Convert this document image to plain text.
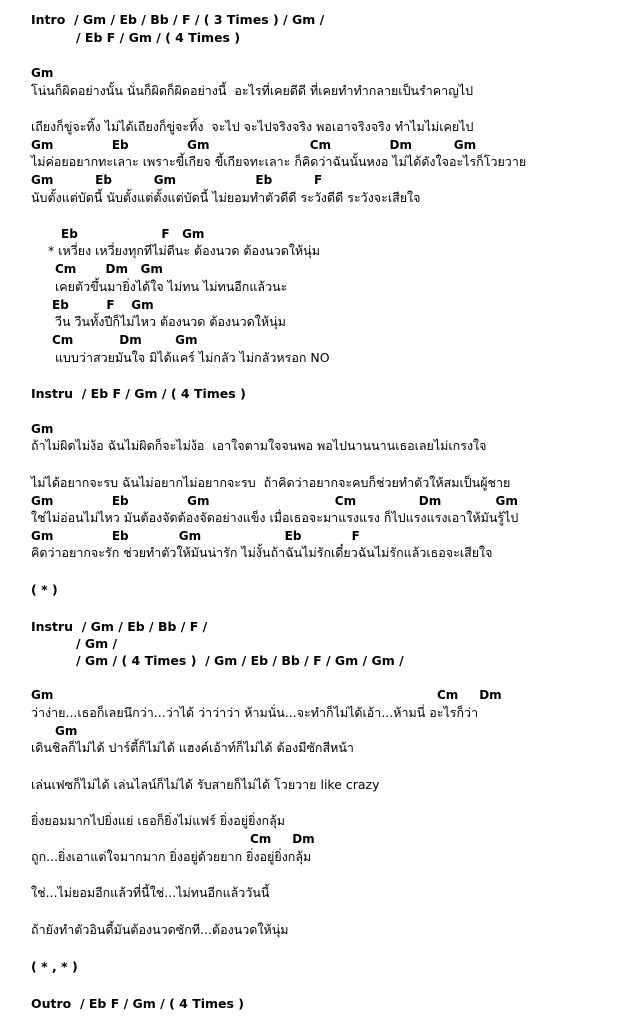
Intro  / Gm / Eb / Bb / F / ( 3 Times ) / Gm /
/ Eb F / Gm / ( 4 Times )
Gm
โน่นก็ผิดอย่างนั้น นั่นก็ผิดก็ผิดอย่างนี้  อะไรที่เคยดีดี ที่เคยทำทำกลายเป็นรำคาญไป
เถียงก็ขู่จะทิ้ง ไม่ได้เถียงก็ขู่จะทิ้ง  จะไป จะไปจริงจริง พอเอาจริงจริง ทำไมไม่เคยไป
Gm              Eb              Gm                        Cm              Dm          Gm
ไม่ค่อยอยากทะเลาะ เพราะขี้เกียจ ขี้เกียจทะเลาะ ก็คิดว่าฉันนั้นหงอ ไม่ได้ดังใจอะไรก็โวยวาย
Gm          Eb          Gm                   Eb          F
นับตั้งแต่บัดนี้ นับตั้งแต่ตั้งแต่บัดนี้ ไม่ยอมทำตัวดีดี ระวังดีดี ระวังจะเสียใจ
Eb                    F   Gm
* เหวี่ยง เหวี่ยงทุกทีไม่ดีนะ ต้องนวด ต้องนวดให้นุ่ม
Cm       Dm   Gm
เคยตัวขึ้นมายิ่งได้ใจ ไม่ทน ไม่ทนอีกแล้วนะ
Eb         F    Gm
วีน วีนทั้งปีก็ไม่ไหว ต้องนวด ต้องนวดให้นุ่ม
Cm           Dm        Gm
แบบว่าสวยมันใจ มิได้แคร์ ไม่กลัว ไม่กลัวหรอก NO
Instru  / Eb F / Gm / ( 4 Times )
Gm
ถ้าไม่ผิดไม่ง้อ ฉันไม่ผิดก็จะไม่ง้อ  เอาใจตามใจจนพอ พอไปนานนานเธอเลยไม่เกรงใจ
ไม่ได้อยากจะรบ ฉันไม่อยากไม่อยากจะรบ  ถ้าคิดว่าอยากจะคบก็ช่วยทำตัวให้สมเป็นผู้ชาย
Gm              Eb              Gm                              Cm               Dm             Gm
ใช่ไม่อ่อนไม่ไหว มันต้องจัดต้องจัดอย่างแข็ง เมื่อเธอจะมาแรงแรง ก็ไปแรงแรงเอาให้มันรู้ไป
Gm              Eb            Gm                    Eb            F
คิดว่าอยากจะรัก ช่วยทำตัวให้มันน่ารัก ไม่งั้นถ้าฉันไม่รักเดี๋ยวฉันไม่รักแล้วเธอจะเสียใจ
( * )
Instru  / Gm / Eb / Bb / F /
/ Gm /
/ Gm / ( 4 Times )  / Gm / Eb / Bb / F / Gm / Gm /
Gm	Cm     Dm
ว่าง่าย...เธอก็เลยนึกว่า...ว่าได้ ว่าว่าว่า ห้ามนั่น...จะทำก็ไม่ได้เอ้า...ห้ามนี่ อะไรก็ว่า
Gm
เดินชิลก็ไม่ได้ ปาร์ตี้ก็ไม่ได้ แฮงค์เอ้าท์ก็ไม่ได้ ต้องมีซักสีหน้า
เล่นเฟซก็ไม่ได้ เล่นไลน์ก็ไม่ได้ รับสายก็ไม่ได้ โวยวาย like crazy
ยิ่งยอมมากไปยิ่งแย่ เธอก็ยิ่งไม่แฟร์ ยิ่งอยู่ยิ่งกลุ้ม
Cm     Dm
ถูก...ยิ่งเอาแต่ใจมากมาก ยิ่งอยู่ด้วยยาก ยิ่งอยู่ยิ่งกลุ้ม
ใช่...ไม่ยอมอีกแล้วที่นี้ใช่...ไม่ทนอีกแล้ววันนี้
ถ้ายังทำตัวอินดี้มันต้องนวดซักที...ต้องนวดให้นุ่ม
( * , * )
Outro  / Eb F / Gm / ( 4 Times )
